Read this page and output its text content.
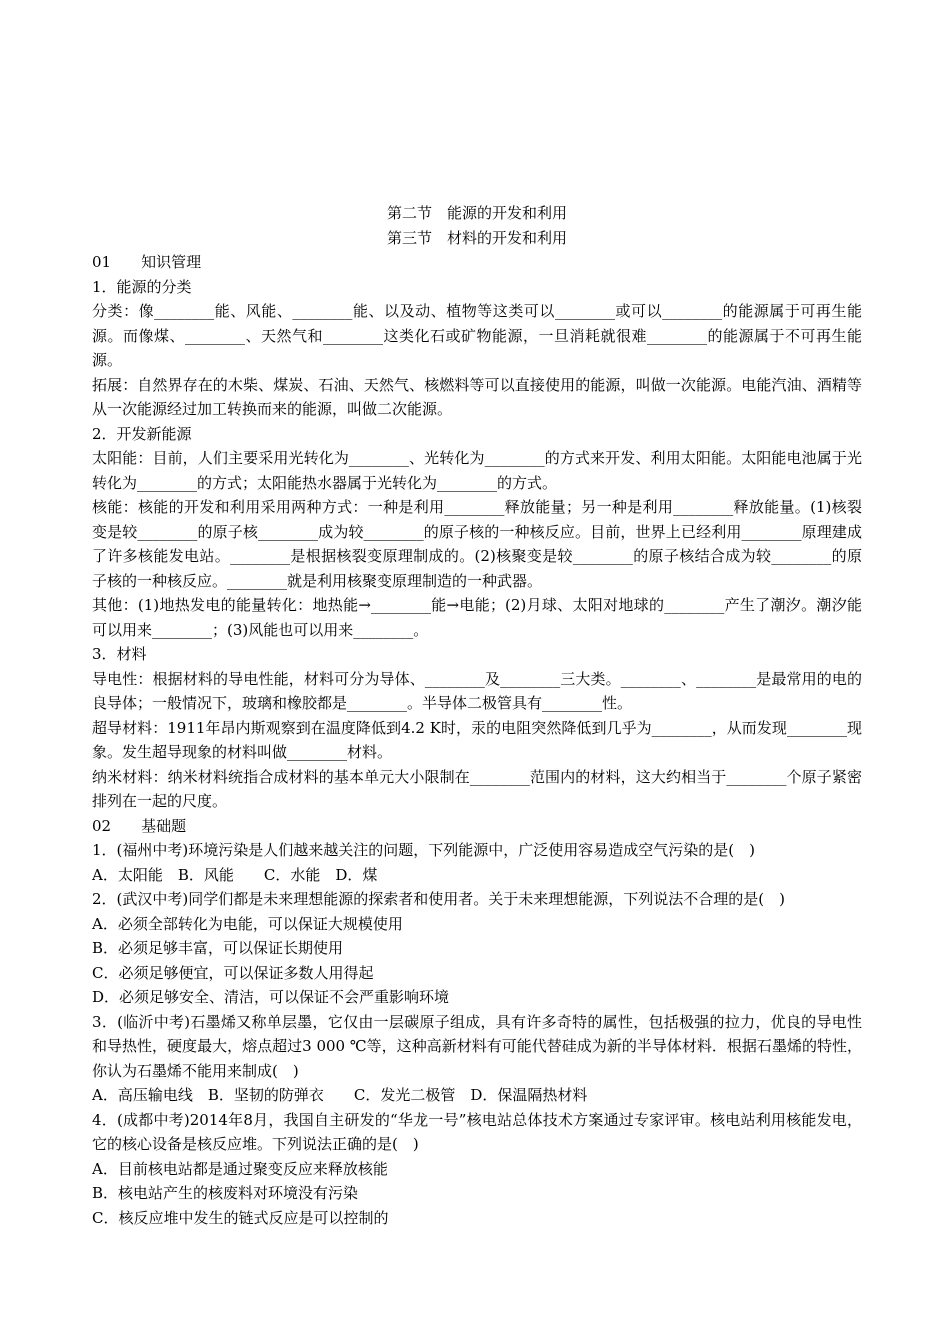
第二节　能源的开发和利用
第三节　材料的开发和利用
01　　知识管理
1．能源的分类
分类：像________能、风能、________能、以及动、植物等这类可以________或可以________的能源属于可再生能源。而像煤、________、天然气和________这类化石或矿物能源，一旦消耗就很难________的能源属于不可再生能源。
拓展：自然界存在的木柴、煤炭、石油、天然气、核燃料等可以直接使用的能源，叫做一次能源。电能汽油、酒精等从一次能源经过加工转换而来的能源，叫做二次能源。
2．开发新能源
太阳能：目前，人们主要采用光转化为________、光转化为________的方式来开发、利用太阳能。太阳能电池属于光转化为________的方式；太阳能热水器属于光转化为________的方式。
核能：核能的开发和利用采用两种方式：一种是利用________释放能量；另一种是利用________释放能量。(1)核裂变是较________的原子核________成为较________的原子核的一种核反应。目前，世界上已经利用________原理建成了许多核能发电站。________是根据核裂变原理制成的。(2)核聚变是较________的原子核结合成为较________的原子核的一种核反应。________就是利用核聚变原理制造的一种武器。
其他：(1)地热发电的能量转化：地热能→________能→电能；(2)月球、太阳对地球的________产生了潮汐。潮汐能可以用来________；(3)风能也可以用来________。
3．材料
导电性：根据材料的导电性能，材料可分为导体、________及________三大类。________、________是最常用的电的良导体；一般情况下，玻璃和橡胶都是________。半导体二极管具有________性。
超导材料：1911年昂内斯观察到在温度降低到4.2 K时，汞的电阻突然降低到几乎为________，从而发现________现象。发生超导现象的材料叫做________材料。
纳米材料：纳米材料统指合成材料的基本单元大小限制在________范围内的材料，这大约相当于________个原子紧密排列在一起的尺度。
02　　基础题
1．(福州中考)环境污染是人们越来越关注的问题，下列能源中，广泛使用容易造成空气污染的是(　)
A．太阳能　B．风能　　C．水能　D．煤
2．(武汉中考)同学们都是未来理想能源的探索者和使用者。关于未来理想能源，下列说法不合理的是(　)
A．必须全部转化为电能，可以保证大规模使用
B．必须足够丰富，可以保证长期使用
C．必须足够便宜，可以保证多数人用得起
D．必须足够安全、清洁，可以保证不会严重影响环境
3．(临沂中考)石墨烯又称单层墨，它仅由一层碳原子组成，具有许多奇特的属性，包括极强的拉力，优良的导电性和导热性，硬度最大，熔点超过3 000 ℃等，这种高新材料有可能代替硅成为新的半导体材料．根据石墨烯的特性，你认为石墨烯不能用来制成(　)
A．高压输电线　B．坚韧的防弹衣　　C．发光二极管　D．保温隔热材料
4．(成都中考)2014年8月，我国自主研发的“华龙一号”核电站总体技术方案通过专家评审。核电站利用核能发电，它的核心设备是核反应堆。下列说法正确的是(　)
A．目前核电站都是通过聚变反应来释放核能
B．核电站产生的核废料对环境没有污染
C．核反应堆中发生的链式反应是可以控制的
